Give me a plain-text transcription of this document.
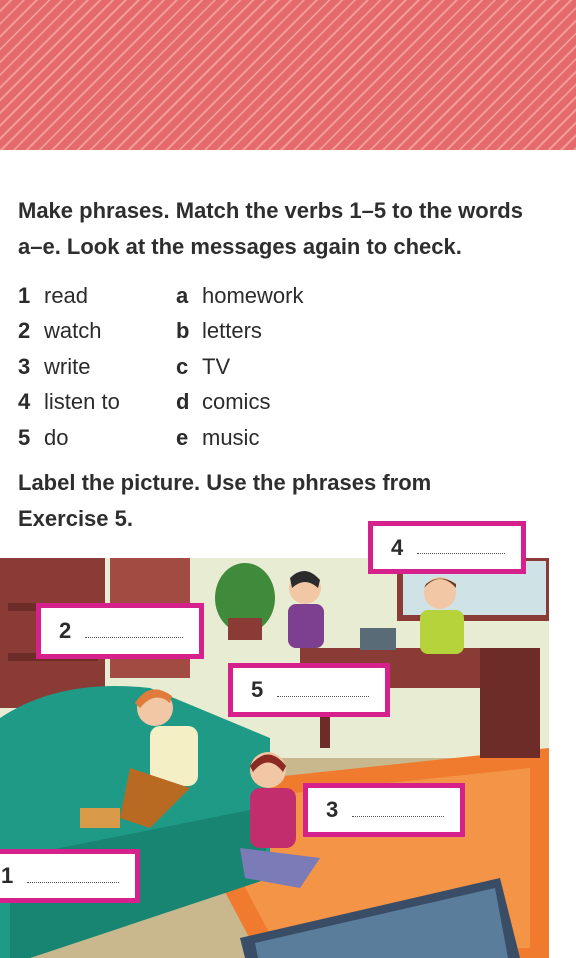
Make phrases. Match the verbs 1–5 to the words

a–e. Look at the messages again to check.

1 read	a homework
2 watch	b letters
3 write	c TV
4 listen to	d comics
5 do	e music

Label the picture. Use the phrases from

Exercise 5.

4
2
5
3
1
